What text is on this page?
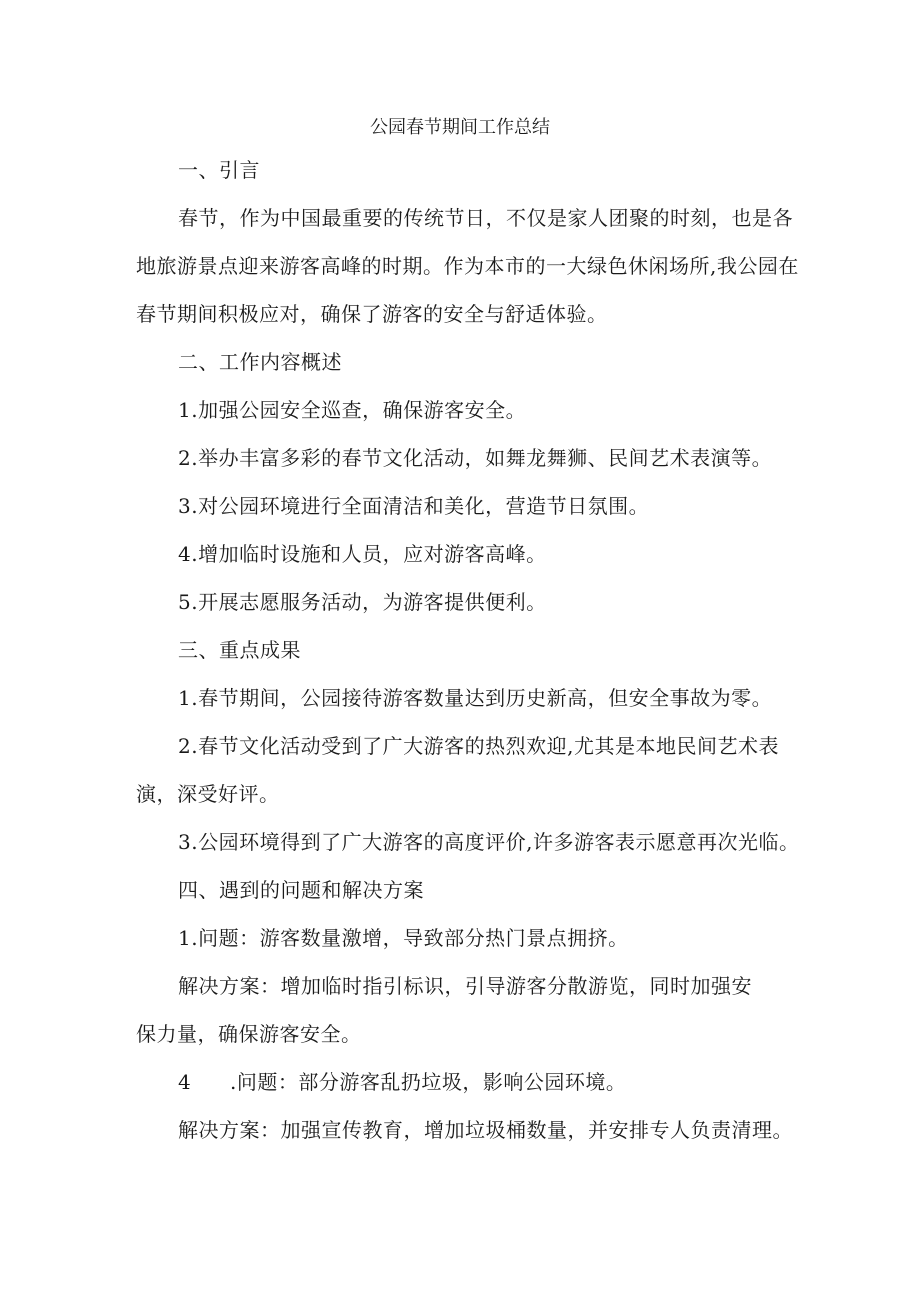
公园春节期间工作总结
一、引言
春节，作为中国最重要的传统节日，不仅是家人团聚的时刻，也是各
地旅游景点迎来游客高峰的时期。作为本市的一大绿色休闲场所,我公园在
春节期间积极应对，确保了游客的安全与舒适体验。
二、工作内容概述
1.加强公园安全巡查，确保游客安全。
2.举办丰富多彩的春节文化活动，如舞龙舞狮、民间艺术表演等。
3.对公园环境进行全面清洁和美化，营造节日氛围。
4.增加临时设施和人员，应对游客高峰。
5.开展志愿服务活动，为游客提供便利。
三、重点成果
1.春节期间，公园接待游客数量达到历史新高，但安全事故为零。
2.春节文化活动受到了广大游客的热烈欢迎,尤其是本地民间艺术表
演，深受好评。
3.公园环境得到了广大游客的高度评价,许多游客表示愿意再次光临。
四、遇到的问题和解决方案
1.问题：游客数量激增，导致部分热门景点拥挤。
解决方案：增加临时指引标识，引导游客分散游览，同时加强安
保力量，确保游客安全。
4 .问题：部分游客乱扔垃圾，影响公园环境。
解决方案：加强宣传教育，增加垃圾桶数量，并安排专人负责清理。
